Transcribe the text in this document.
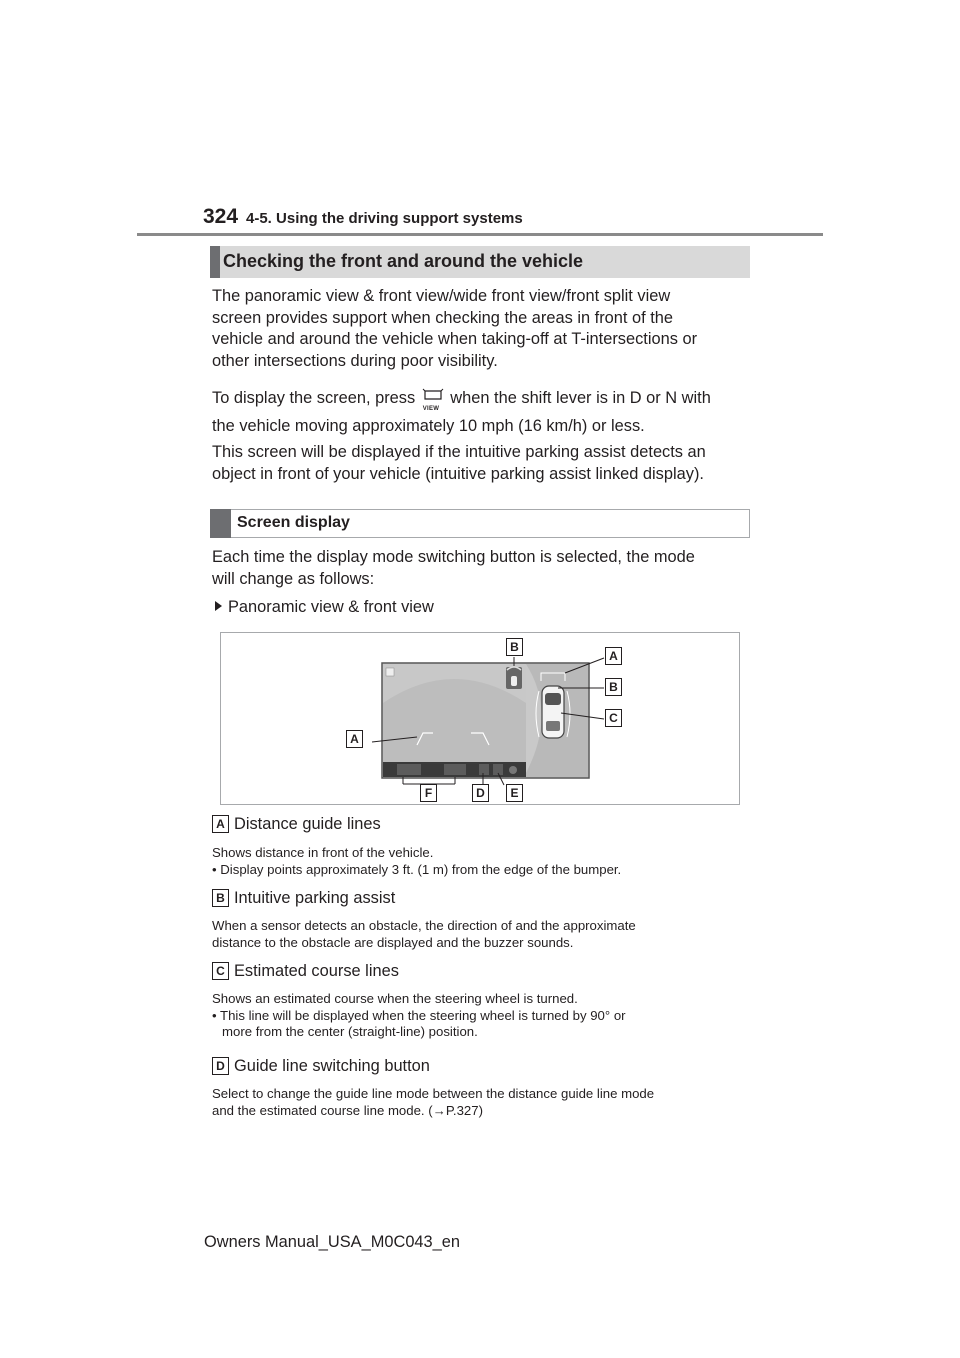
324 4-5. Using the driving support systems
Checking the front and around the vehicle
The panoramic view & front view/wide front view/front split view
screen provides support when checking the areas in front of the
vehicle and around the vehicle when taking-off at T-intersections or
other intersections during poor visibility.
To display the screen, press
VIEW
when the shift lever is in D or N with
the vehicle moving approximately 10 mph (16 km/h) or less.
This screen will be displayed if the intuitive parking assist detects an
object in front of your vehicle (intuitive parking assist linked display).
Screen display
Each time the display mode switching button is selected, the mode
will change as follows:
Panoramic view & front view
A
B
A
B
C
F	D	E
A Distance guide lines
Shows distance in front of the vehicle.
• Display points approximately 3 ft. (1 m) from the edge of the bumper.
B Intuitive parking assist
When a sensor detects an obstacle, the direction of and the approximate
distance to the obstacle are displayed and the buzzer sounds.
C Estimated course lines
Shows an estimated course when the steering wheel is turned.
• This line will be displayed when the steering wheel is turned by 90° or
more from the center (straight-line) position.
D Guide line switching button
Select to change the guide line mode between the distance guide line mode
and the estimated course line mode. (→P.327)
Owners Manual_USA_M0C043_en
